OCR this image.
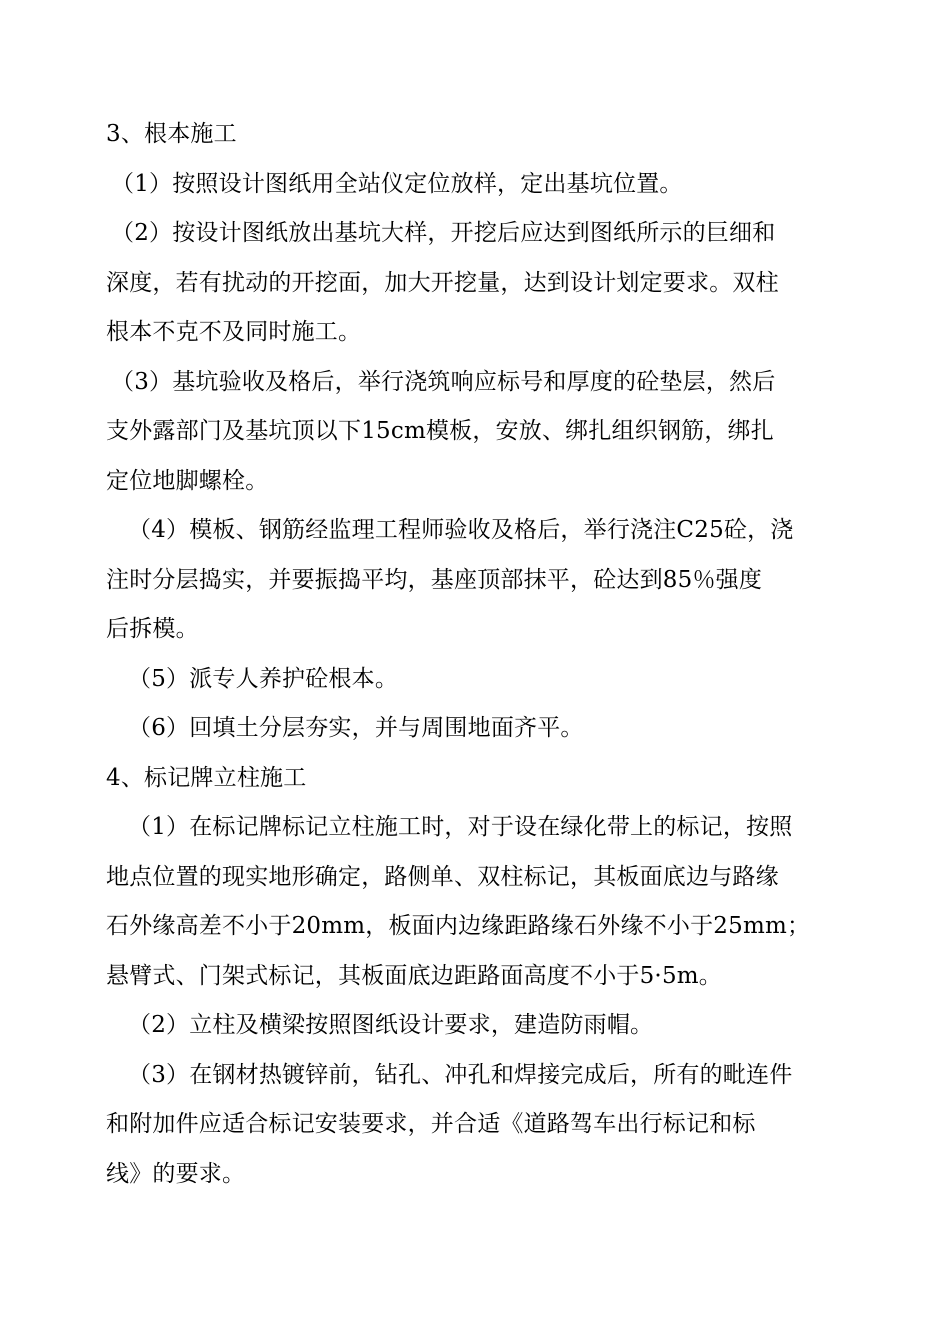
3、根本施工
（1）按照设计图纸用全站仪定位放样，定出基坑位置。
（2）按设计图纸放出基坑大样，开挖后应达到图纸所示的巨细和
深度，若有扰动的开挖面，加大开挖量，达到设计划定要求。双柱
根本不克不及同时施工。
（3）基坑验收及格后，举行浇筑响应标号和厚度的砼垫层，然后
支外露部门及基坑顶以下15cm模板，安放、绑扎组织钢筋，绑扎
定位地脚螺栓。
（4）模板、钢筋经监理工程师验收及格后，举行浇注C25砼，浇
注时分层捣实，并要振捣平均，基座顶部抹平，砼达到85％强度
后拆模。
（5）派专人养护砼根本。
（6）回填土分层夯实，并与周围地面齐平。
4、标记牌立柱施工
（1）在标记牌标记立柱施工时，对于设在绿化带上的标记，按照
地点位置的现实地形确定，路侧单、双柱标记，其板面底边与路缘
石外缘高差不小于20mm，板面内边缘距路缘石外缘不小于25mm；
悬臂式、门架式标记，其板面底边距路面高度不小于5·5m。
（2）立柱及横梁按照图纸设计要求，建造防雨帽。
（3）在钢材热镀锌前，钻孔、冲孔和焊接完成后，所有的毗连件
和附加件应适合标记安装要求，并合适《道路驾车出行标记和标
线》的要求。
